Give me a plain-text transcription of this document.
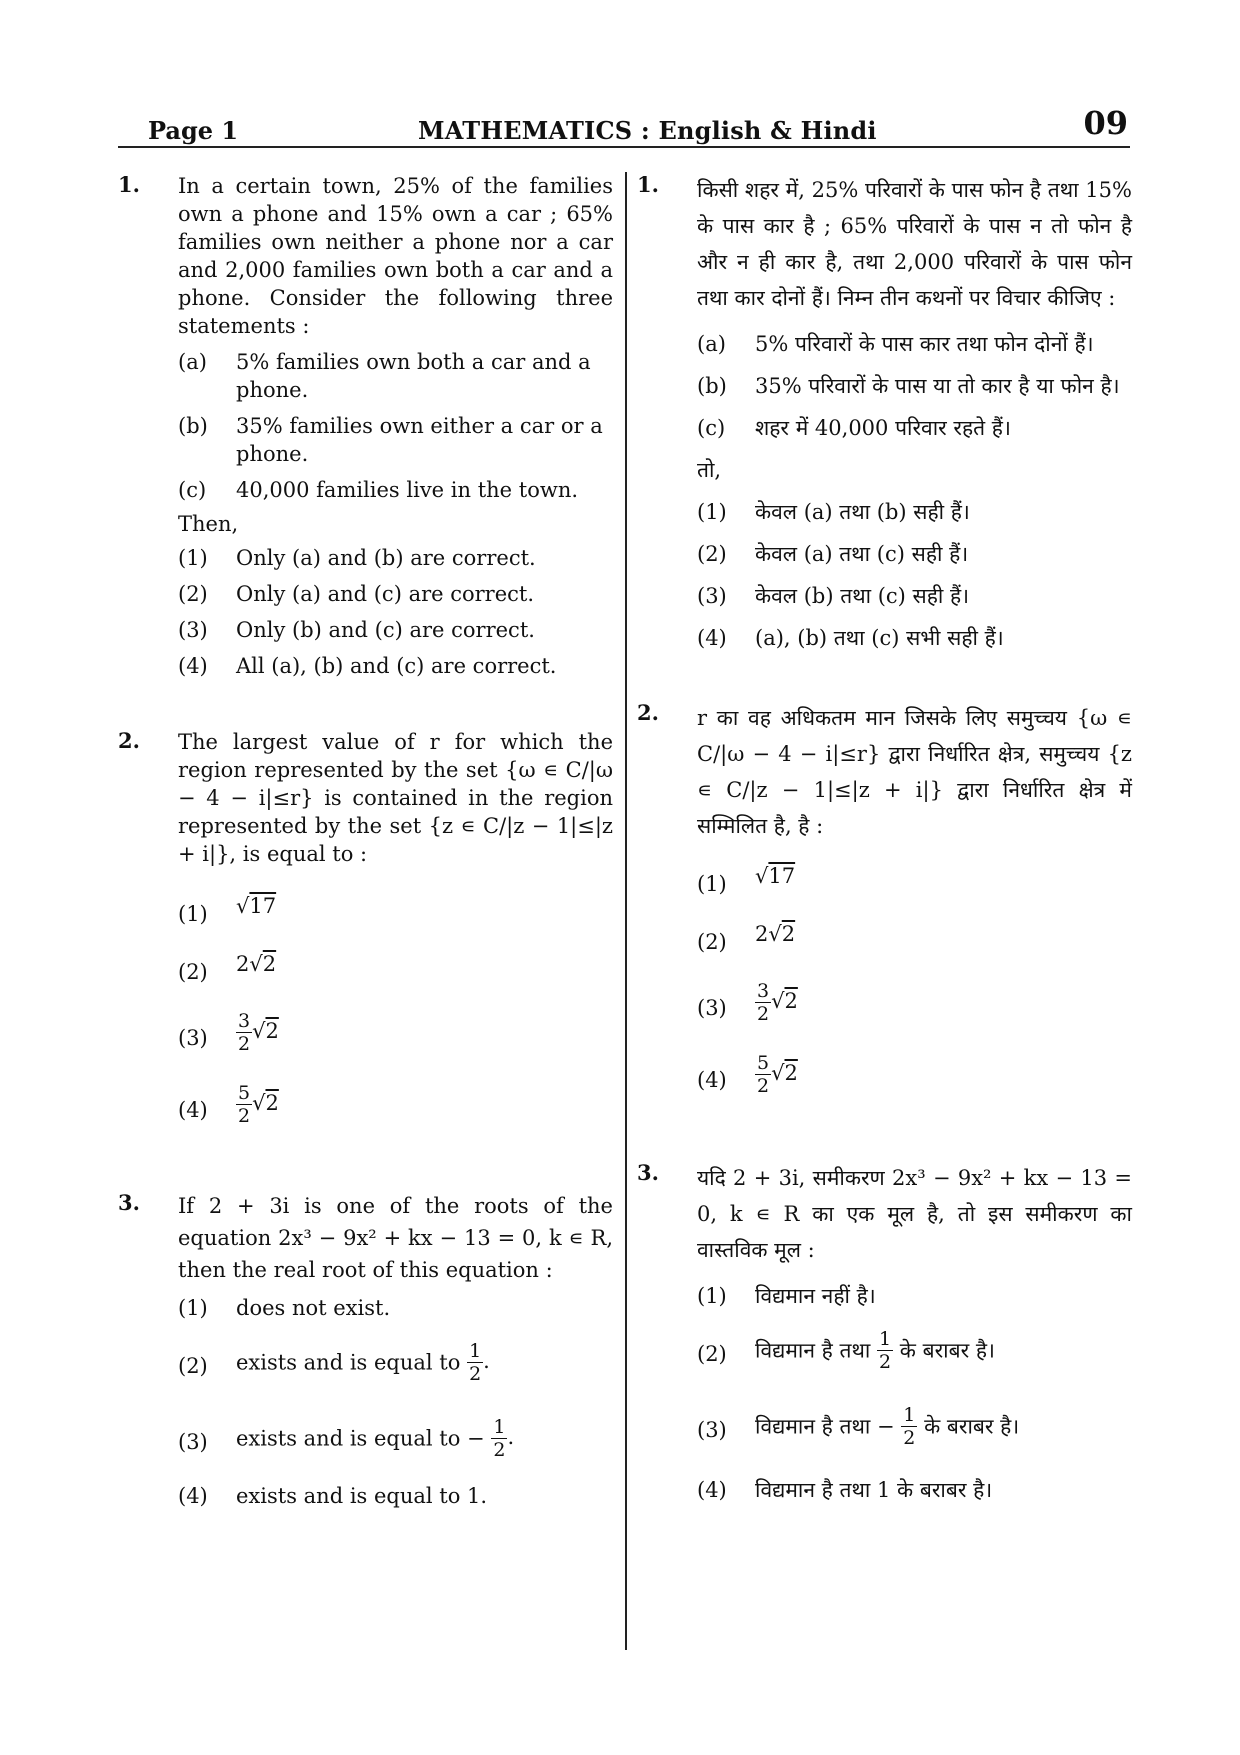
Page 1	MATHEMATICS : English & Hindi	09
1. In a certain town, 25% of the families own a phone and 15% own a car ; 65% families own neither a phone nor a car and 2,000 families own both a car and a phone. Consider the following three statements :
(a) 5% families own both a car and a phone.
(b) 35% families own either a car or a phone.
(c) 40,000 families live in the town.
Then,
(1) Only (a) and (b) are correct.
(2) Only (a) and (c) are correct.
(3) Only (b) and (c) are correct.
(4) All (a), (b) and (c) are correct.
2. The largest value of r for which the region represented by the set {ω ∊ C/|ω − 4 − i|≤r} is contained in the region represented by the set {z ∊ C/|z − 1|≤|z + i|}, is equal to :
(1) √17
(2) 2√2
$(3) \frac{3}{2} √2$
$(4) \frac{5}{2} √2$
3. If 2 + 3i is one of the roots of the equation 2x³ − 9x² + kx − 13 = 0, k ∊ R, then the real root of this equation :
(1) does not exist.
(2) exists and is equal to $\frac{1}{2}$ .
(3) exists and is equal to − $\frac{1}{2}$ .
(4) exists and is equal to 1.
1. किसी शहर में, 25% परिवारों के पास फोन है तथा 15% के पास कार है ; 65% परिवारों के पास न तो फोन है और न ही कार है, तथा 2,000 परिवारों के पास फोन तथा कार दोनों हैं। निम्न तीन कथनों पर विचार कीजिए :
(a) 5% परिवारों के पास कार तथा फोन दोनों हैं।
(b) 35% परिवारों के पास या तो कार है या फोन है।
(c) शहर में 40,000 परिवार रहते हैं।
तो,
(1) केवल (a) तथा (b) सही हैं।
(2) केवल (a) तथा (c) सही हैं।
(3) केवल (b) तथा (c) सही हैं।
(4) (a), (b) तथा (c) सभी सही हैं।
2. r का वह अधिकतम मान जिसके लिए समुच्चय {ω ∊ C/|ω − 4 − i|≤r} द्वारा निर्धारित क्षेत्र, समुच्चय {z ∊ C/|z − 1|≤|z + i|} द्वारा निर्धारित क्षेत्र में सम्मिलित है, है :
(1) √17
(2) 2√2
$(3) \frac{3}{2} √2$
$(4) \frac{5}{2} √2$
3. यदि 2 + 3i, समीकरण 2x³ − 9x² + kx − 13 = 0, k ∊ R का एक मूल है, तो इस समीकरण का वास्तविक मूल :
(1) विद्यमान नहीं है।
(2) विद्यमान है तथा $\frac{1}{2}$ के बराबर है।
(3) विद्यमान है तथा − $\frac{1}{2}$ के बराबर है।
(4) विद्यमान है तथा 1 के बराबर है।
